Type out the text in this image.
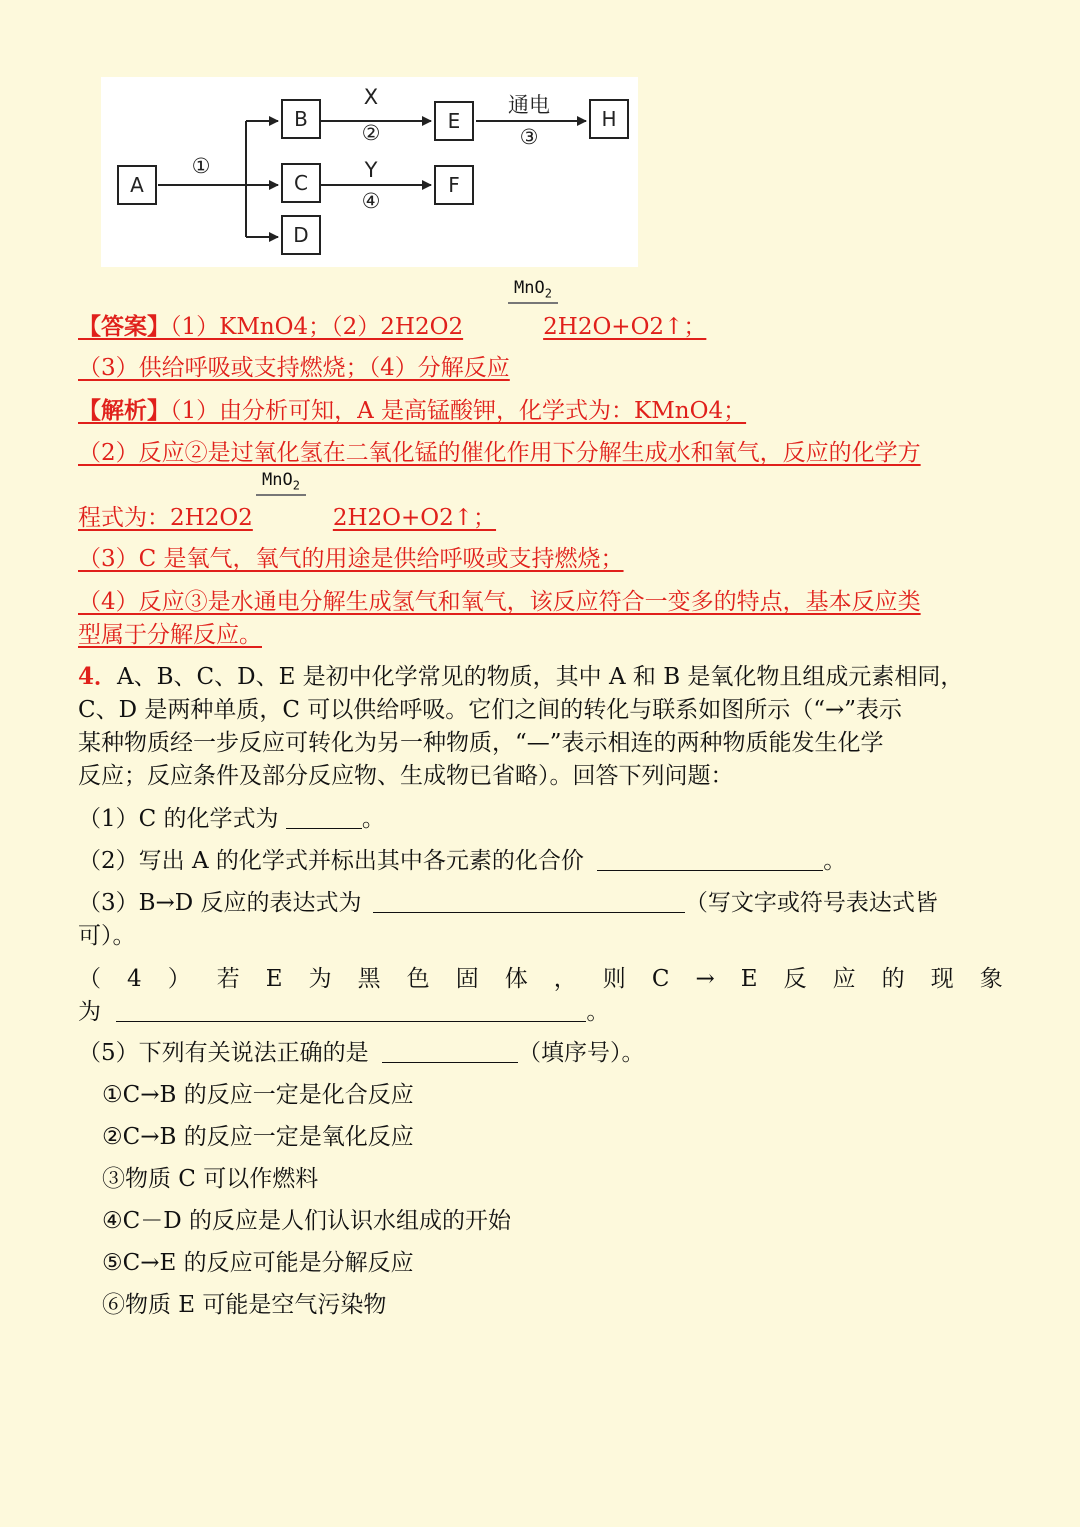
A
B
C
D
E
F
H
①
X
②
通电
③
Y
④
MnO$_2$
【答案】（1）KMnO4；（2）2H2O2	2H2O+O2↑；
（3）供给呼吸或支持燃烧；（4）分解反应
【解析】（1）由分析可知，A 是高锰酸钾，化学式为：KMnO4；
（2）反应②是过氧化氢在二氧化锰的催化作用下分解生成水和氧气，反应的化学方
MnO$_2$
程式为：2H2O2	2H2O+O2↑；
（3）C 是氧气，氧气的用途是供给呼吸或支持燃烧；
（4）反应③是水通电分解生成氢气和氧气，该反应符合一变多的特点，基本反应类
型属于分解反应。
4．A、B、C、D、E 是初中化学常见的物质，其中 A 和 B 是氧化物且组成元素相同，
C、D 是两种单质，C 可以供给呼吸。它们之间的转化与联系如图所示（“→”表示
某种物质经一步反应可转化为另一种物质，“—”表示相连的两种物质能发生化学
反应；反应条件及部分反应物、生成物已省略）。回答下列问题：
（1）C 的化学式为	。
（2）写出 A 的化学式并标出其中各元素的化合价	。
（3）B→D 反应的表达式为	（写文字或符号表达式皆
可）。
（ 4 ） 若 E 为 黑 色 固 体 ， 则 C → E 反 应 的 现 象
为	。
（5）下列有关说法正确的是	（填序号）。
①C→B 的反应一定是化合反应
②C→B 的反应一定是氧化反应
③物质 C 可以作燃料
④C－D 的反应是人们认识水组成的开始
⑤C→E 的反应可能是分解反应
⑥物质 E 可能是空气污染物
